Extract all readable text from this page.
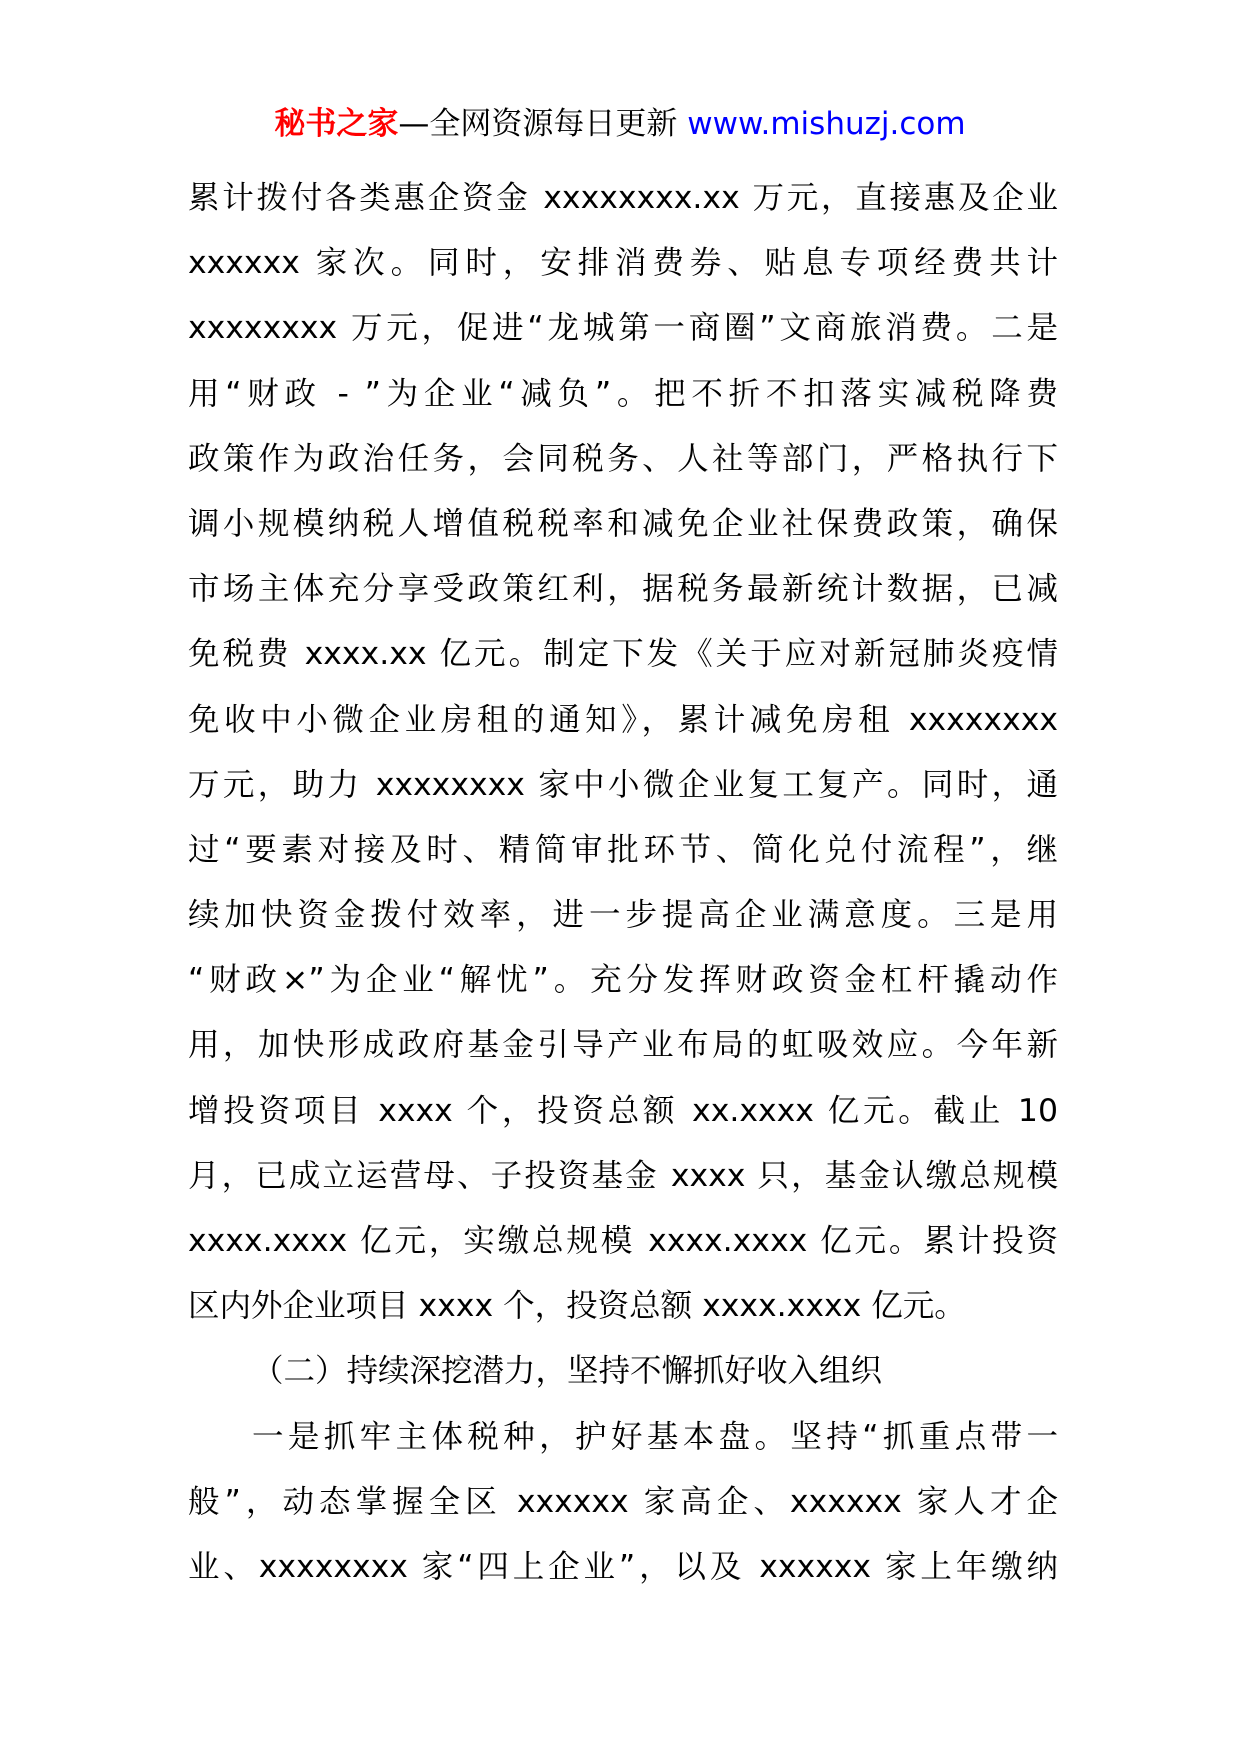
秘书之家—全网资源每日更新 www.mishuzj.com
累计拨付各类惠企资金 xxxxxxxx.xx 万元，直接惠及企业
xxxxxx 家次。同时，安排消费券、贴息专项经费共计
xxxxxxxx 万元，促进“龙城第一商圈”文商旅消费。二是
用“财政 - ”为企业“减负”。把不折不扣落实减税降费
政策作为政治任务，会同税务、人社等部门，严格执行下
调小规模纳税人增值税税率和减免企业社保费政策，确保
市场主体充分享受政策红利，据税务最新统计数据，已减
免税费 xxxx.xx 亿元。制定下发《关于应对新冠肺炎疫情
免收中小微企业房租的通知》，累计减免房租 xxxxxxxx
万元，助力 xxxxxxxx 家中小微企业复工复产。同时，通
过“要素对接及时、精简审批环节、简化兑付流程”，继
续加快资金拨付效率，进一步提高企业满意度。三是用
“财政×”为企业“解忧”。充分发挥财政资金杠杆撬动作
用，加快形成政府基金引导产业布局的虹吸效应。今年新
增投资项目 xxxx 个，投资总额 xx.xxxx 亿元。截止 10
月，已成立运营母、子投资基金 xxxx 只，基金认缴总规模
xxxx.xxxx 亿元，实缴总规模 xxxx.xxxx 亿元。累计投资
区内外企业项目 xxxx 个，投资总额 xxxx.xxxx 亿元。
（二）持续深挖潜力，坚持不懈抓好收入组织
一是抓牢主体税种，护好基本盘。坚持“抓重点带一
般”，动态掌握全区 xxxxxx 家高企、xxxxxx 家人才企
业、xxxxxxxx 家“四上企业”，以及 xxxxxx 家上年缴纳
